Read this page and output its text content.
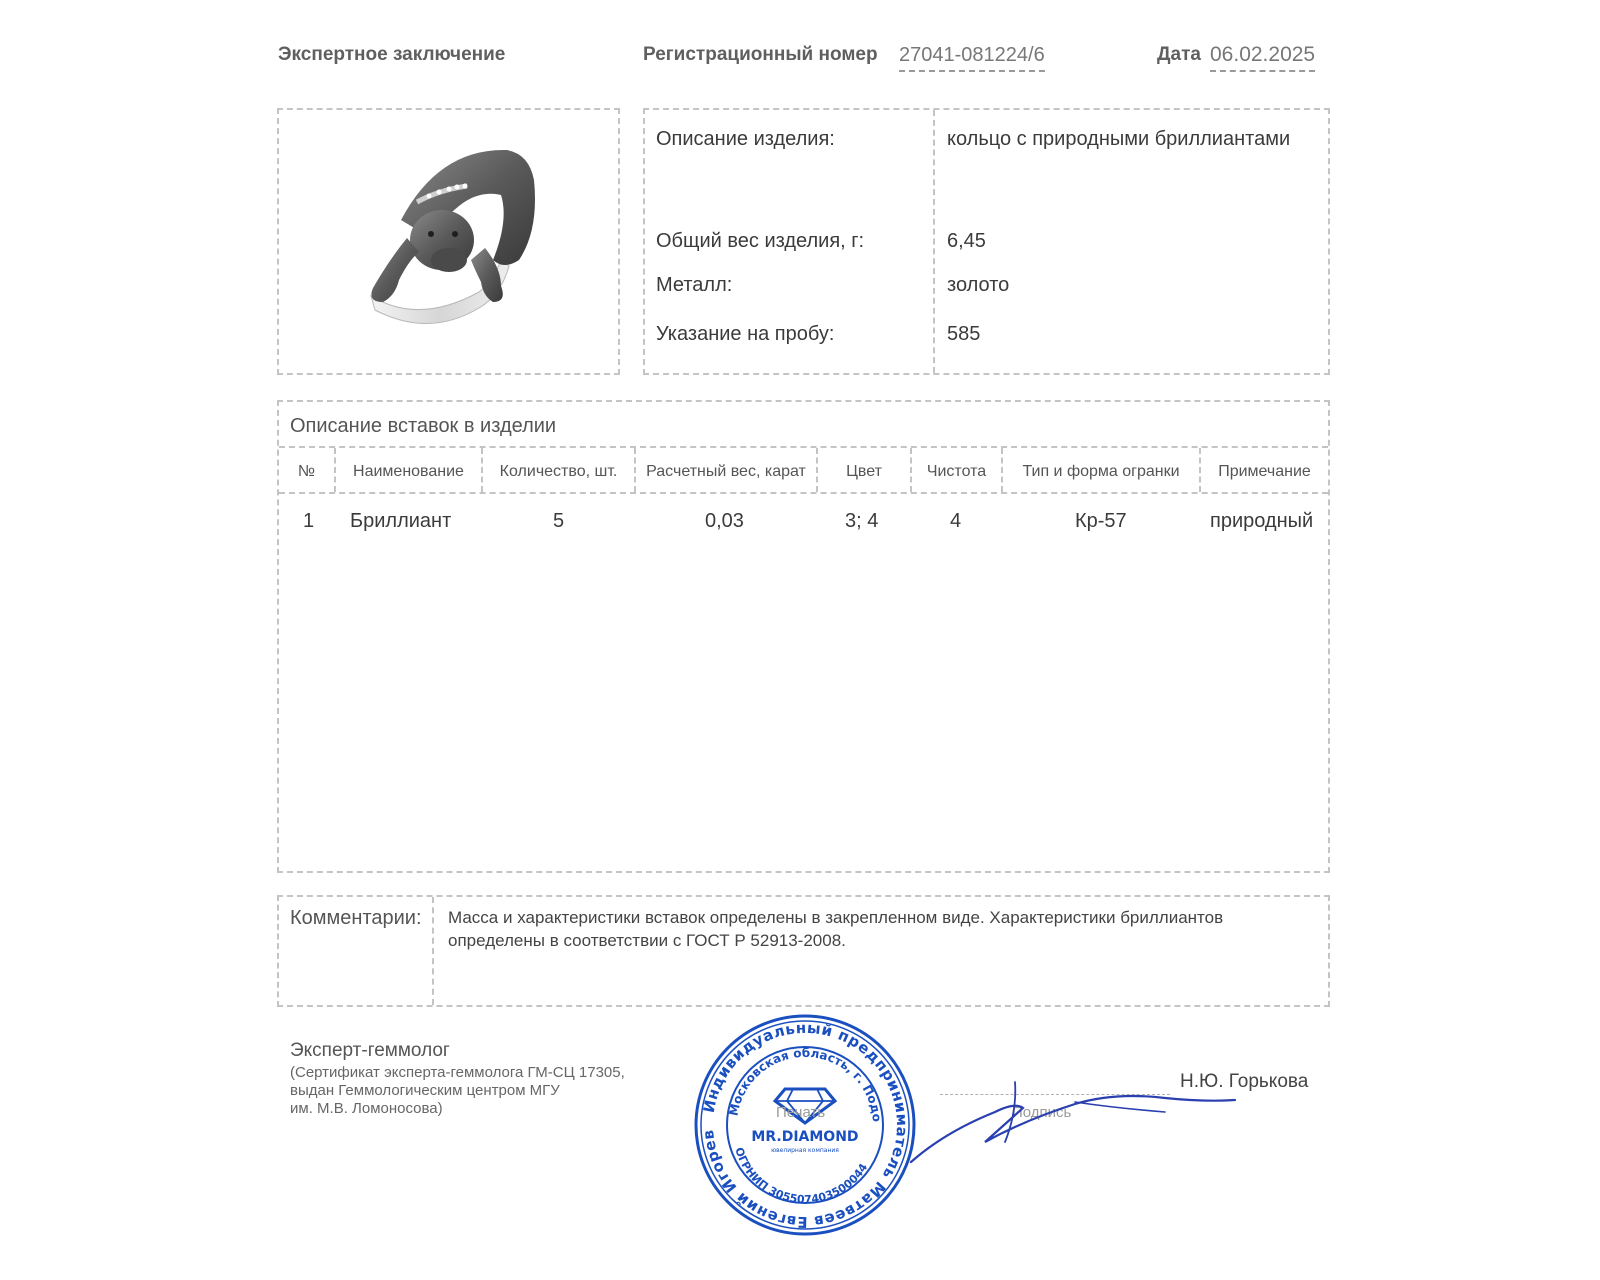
Экспертное заключение	Регистрационный номер 27041-081224/6	Дата 06.02.2025
Описание изделия:	кольцо с природными бриллиантами
Общий вес изделия, г:	6,45
Металл:	золото
Указание на пробу:	585
Описание вставок в изделии
№	Наименование	Количество, шт.	Расчетный вес, карат	Цвет	Чистота	Тип и форма огранки	Примечание
1 Бриллиант	5	0,03	3; 4	4	Кр-57	природный
Комментарии: Масса и характеристики вставок определены в закрепленном виде. Характеристики бриллиантов
определены в соответствии с ГОСТ Р 52913-2008.
Эксперт-геммолог
(Сертификат эксперта-геммолога ГМ-СЦ 17305,
выдан Геммологическим центром МГУ
им. М.В. Ломоносова)	Подпись
Н.Ю. Горькова
Индивидуальный предприниматель Матвеев Евгений Игорев
Московская область, г. Подо
ОГРНИП 305507403500044
MR.DIAMOND
ювелирная компания
Печать
